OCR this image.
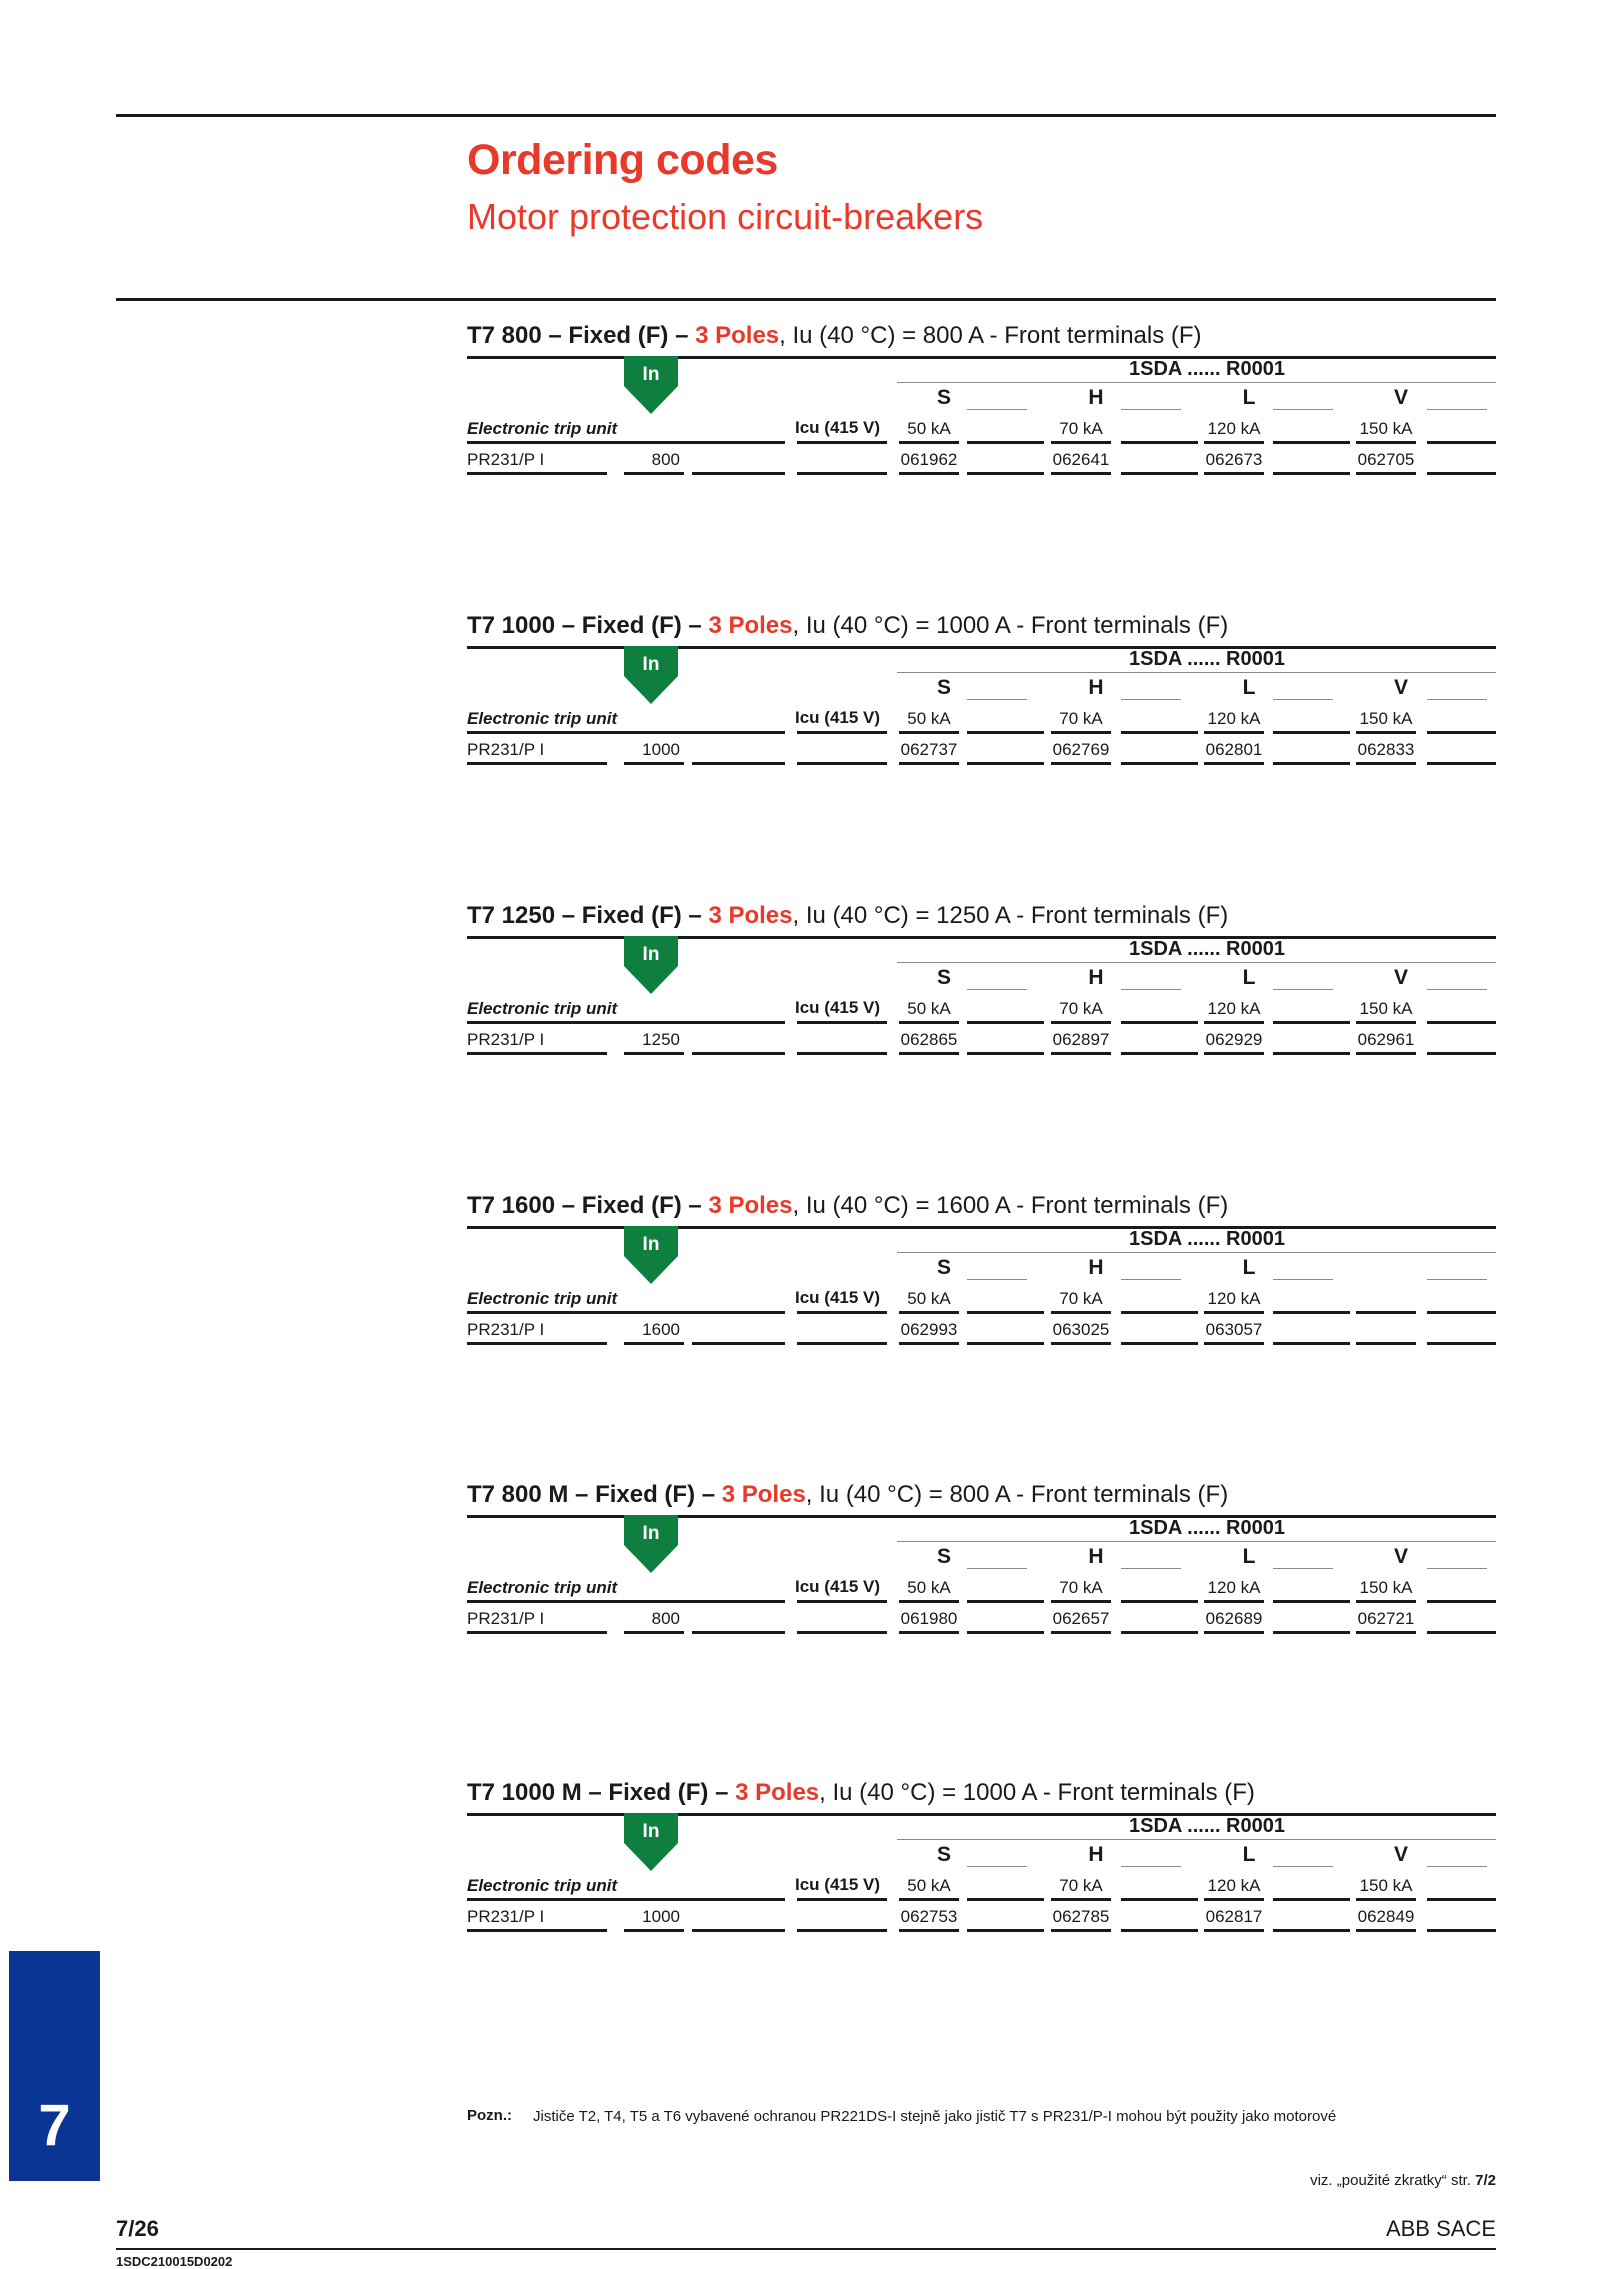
Ordering codes
Motor protection circuit-breakers
T7 800 – Fixed (F) – 3 Poles, Iu (40 °C) = 800 A - Front terminals (F)
In	1SDA ...... R0001
S	H	L	V
Electronic trip unit	Icu (415 V)	50 kA	70 kA	120 kA	150 kA
PR231/P I	800	061962	062641	062673	062705
T7 1000 – Fixed (F) – 3 Poles, Iu (40 °C) = 1000 A - Front terminals (F)
In	1SDA ...... R0001
S	H	L	V
Electronic trip unit	Icu (415 V)	50 kA	70 kA	120 kA	150 kA
PR231/P I	1000	062737	062769	062801	062833
T7 1250 – Fixed (F) – 3 Poles, Iu (40 °C) = 1250 A - Front terminals (F)
In	1SDA ...... R0001
S	H	L	V
Electronic trip unit	Icu (415 V)	50 kA	70 kA	120 kA	150 kA
PR231/P I	1250	062865	062897	062929	062961
T7 1600 – Fixed (F) – 3 Poles, Iu (40 °C) = 1600 A - Front terminals (F)
In	1SDA ...... R0001
S	H	L
Electronic trip unit	Icu (415 V)	50 kA	70 kA	120 kA
PR231/P I	1600	062993	063025	063057
T7 800 M – Fixed (F) – 3 Poles, Iu (40 °C) = 800 A - Front terminals (F)
In	1SDA ...... R0001
S	H	L	V
Electronic trip unit	Icu (415 V)	50 kA	70 kA	120 kA	150 kA
PR231/P I	800	061980	062657	062689	062721
T7 1000 M – Fixed (F) – 3 Poles, Iu (40 °C) = 1000 A - Front terminals (F)
In	1SDA ...... R0001
S	H	L	V
Electronic trip unit	Icu (415 V)	50 kA	70 kA	120 kA	150 kA
PR231/P I	1000	062753	062785	062817	062849
Pozn.: Jističe T2, T4, T5 a T6 vybavené ochranou PR221DS-I stejně jako jistič T7 s PR231/P-I mohou být použity jako motorové
viz. „použité zkratky“ str. 7/2
7
7/26	ABB SACE
1SDC210015D0202
